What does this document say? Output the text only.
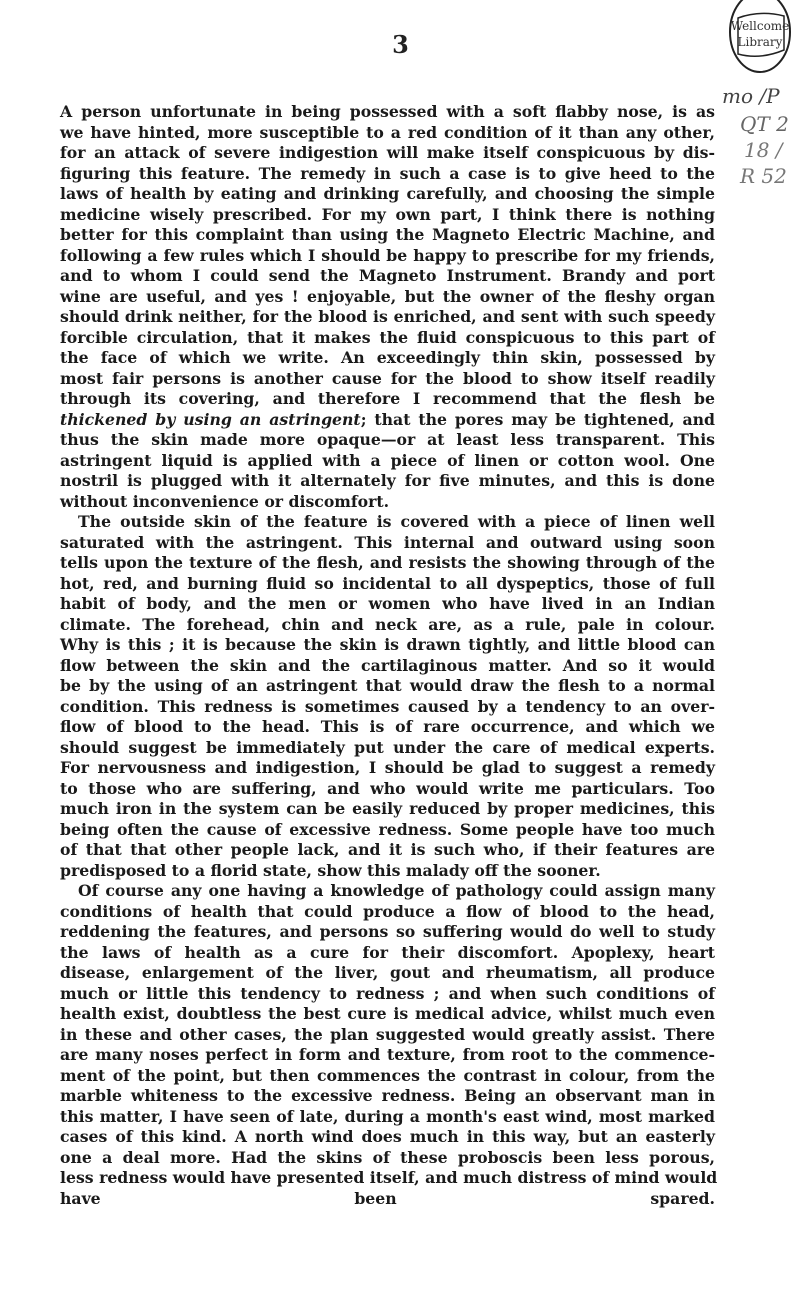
3
Wellcome
Library
mo /P
QT 2
18 /
R 52
A person unfortunate in being possessed with a soft flabby nose, is as
we have hinted, more susceptible to a red condition of it than any other,
for an attack of severe indigestion will make itself conspicuous by dis-
figuring this feature. The remedy in such a case is to give heed to the
laws of health by eating and drinking carefully, and choosing the simple
medicine wisely prescribed. For my own part, I think there is nothing
better for this complaint than using the Magneto Electric Machine, and
following a few rules which I should be happy to prescribe for my friends,
and to whom I could send the Magneto Instrument. Brandy and port
wine are useful, and yes ! enjoyable, but the owner of the fleshy organ
should drink neither, for the blood is enriched, and sent with such speedy
forcible circulation, that it makes the fluid conspicuous to this part of
the face of which we write. An exceedingly thin skin, possessed by
most fair persons is another cause for the blood to show itself readily
through its covering, and therefore I recommend that the flesh be
thickened by using an astringent; that the pores may be tightened, and
thus the skin made more opaque—or at least less transparent. This
astringent liquid is applied with a piece of linen or cotton wool. One
nostril is plugged with it alternately for five minutes, and this is done
without inconvenience or discomfort.
The outside skin of the feature is covered with a piece of linen well
saturated with the astringent. This internal and outward using soon
tells upon the texture of the flesh, and resists the showing through of the
hot, red, and burning fluid so incidental to all dyspeptics, those of full
habit of body, and the men or women who have lived in an Indian
climate. The forehead, chin and neck are, as a rule, pale in colour.
Why is this ; it is because the skin is drawn tightly, and little blood can
flow between the skin and the cartilaginous matter. And so it would
be by the using of an astringent that would draw the flesh to a normal
condition. This redness is sometimes caused by a tendency to an over-
flow of blood to the head. This is of rare occurrence, and which we
should suggest be immediately put under the care of medical experts.
For nervousness and indigestion, I should be glad to suggest a remedy
to those who are suffering, and who would write me particulars. Too
much iron in the system can be easily reduced by proper medicines, this
being often the cause of excessive redness. Some people have too much
of that that other people lack, and it is such who, if their features are
predisposed to a florid state, show this malady off the sooner.
Of course any one having a knowledge of pathology could assign many
conditions of health that could produce a flow of blood to the head,
reddening the features, and persons so suffering would do well to study
the laws of health as a cure for their discomfort. Apoplexy, heart
disease, enlargement of the liver, gout and rheumatism, all produce
much or little this tendency to redness ; and when such conditions of
health exist, doubtless the best cure is medical advice, whilst much even
in these and other cases, the plan suggested would greatly assist. There
are many noses perfect in form and texture, from root to the commence-
ment of the point, but then commences the contrast in colour, from the
marble whiteness to the excessive redness. Being an observant man in
this matter, I have seen of late, during a month's east wind, most marked
cases of this kind. A north wind does much in this way, but an easterly
one a deal more. Had the skins of these proboscis been less porous,
less redness would have presented itself, and much distress of mind would
have been spared.
